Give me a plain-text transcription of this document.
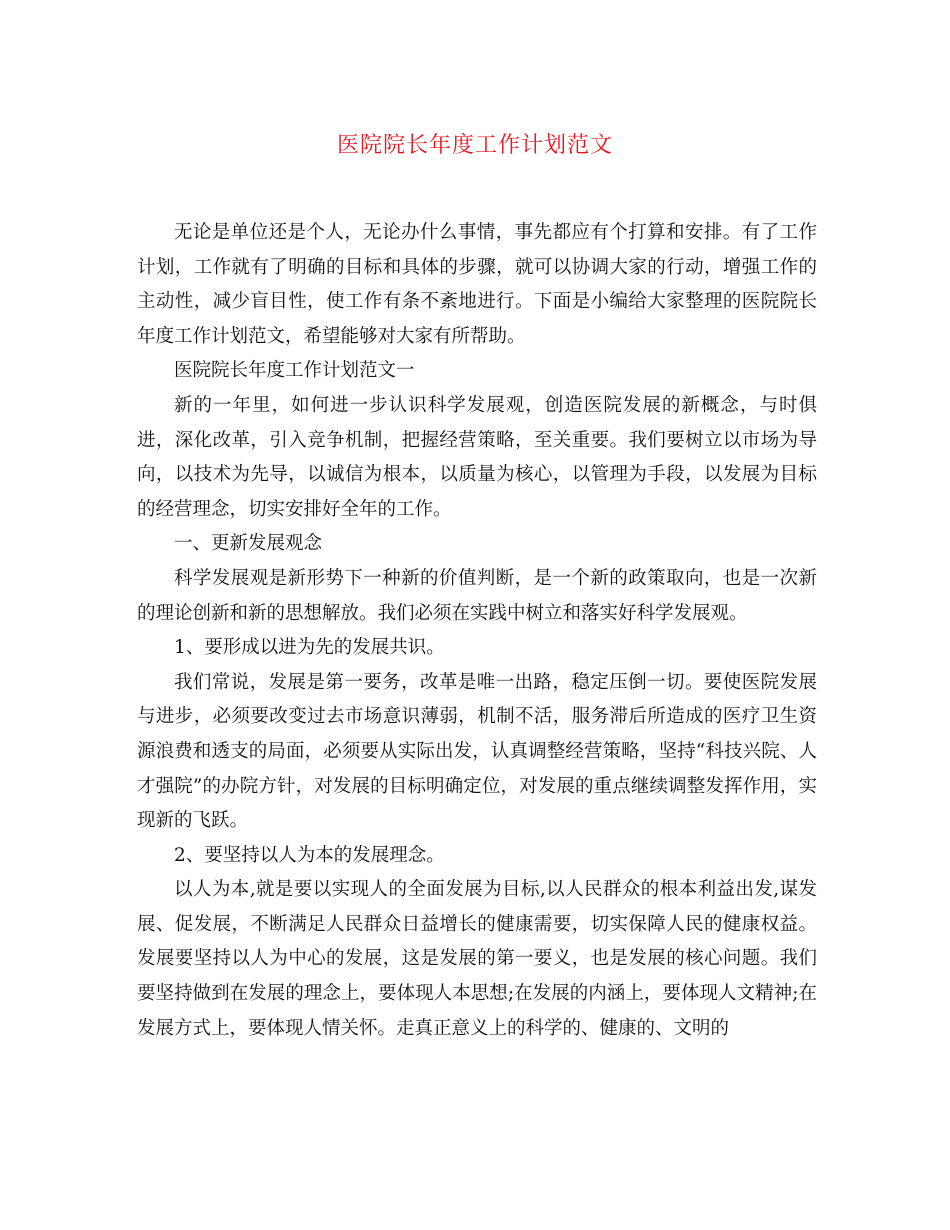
医院院长年度工作计划范文

无论是单位还是个人，无论办什么事情，事先都应有个打算和安排。有了工作计划，工作就有了明确的目标和具体的步骤，就可以协调大家的行动，增强工作的主动性，减少盲目性，使工作有条不紊地进行。下面是小编给大家整理的医院院长年度工作计划范文，希望能够对大家有所帮助。

医院院长年度工作计划范文一

新的一年里，如何进一步认识科学发展观，创造医院发展的新概念，与时俱进，深化改革，引入竞争机制，把握经营策略，至关重要。我们要树立以市场为导向，以技术为先导，以诚信为根本，以质量为核心，以管理为手段，以发展为目标的经营理念，切实安排好全年的工作。

一、更新发展观念

科学发展观是新形势下一种新的价值判断，是一个新的政策取向，也是一次新的理论创新和新的思想解放。我们必须在实践中树立和落实好科学发展观。

1、要形成以进为先的发展共识。

我们常说，发展是第一要务，改革是唯一出路，稳定压倒一切。要使医院发展与进步，必须要改变过去市场意识薄弱，机制不活，服务滞后所造成的医疗卫生资源浪费和透支的局面，必须要从实际出发，认真调整经营策略，坚持“科技兴院、人才强院”的办院方针，对发展的目标明确定位，对发展的重点继续调整发挥作用，实现新的飞跃。

2、要坚持以人为本的发展理念。

以人为本,就是要以实现人的全面发展为目标,以人民群众的根本利益出发,谋发展、促发展，不断满足人民群众日益增长的健康需要，切实保障人民的健康权益。发展要坚持以人为中心的发展，这是发展的第一要义，也是发展的核心问题。我们要坚持做到在发展的理念上，要体现人本思想;在发展的内涵上，要体现人文精神;在发展方式上，要体现人情关怀。走真正意义上的科学的、健康的、文明的
